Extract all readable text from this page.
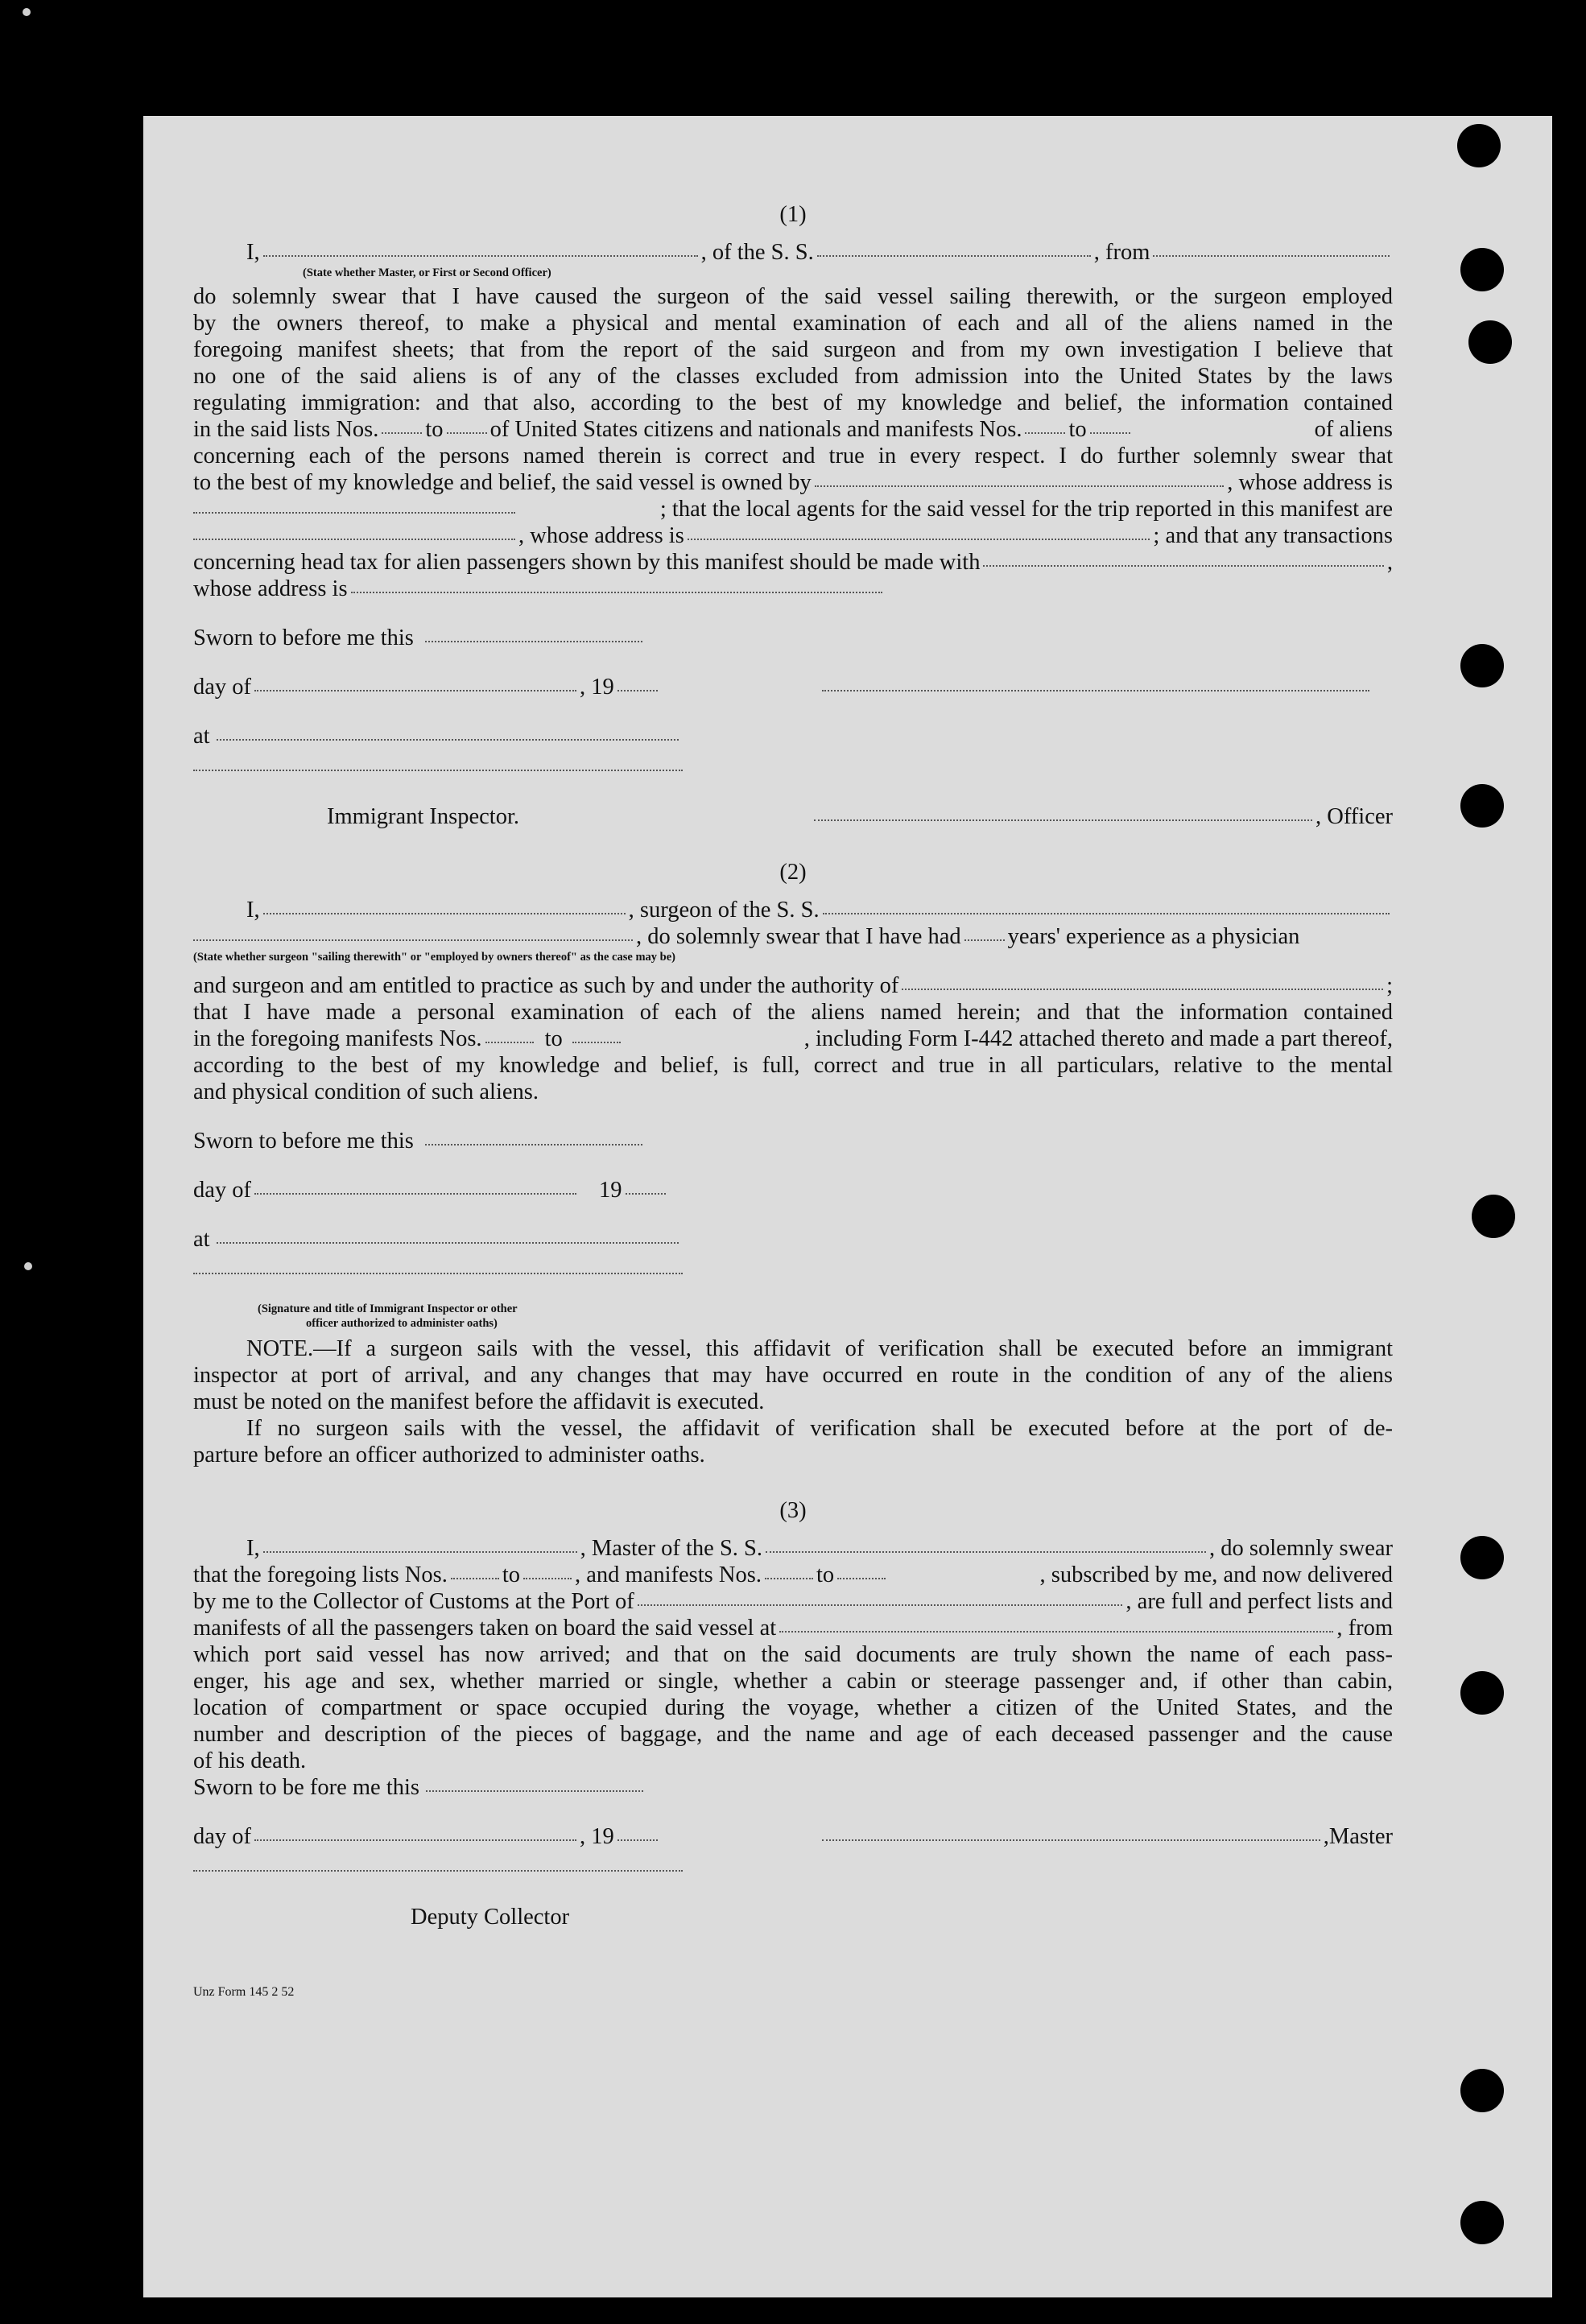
(1)
I,	, of the S. S.	, from
(State whether Master, or First or Second Officer)

do solemnly swear that I have caused the surgeon of the said vessel sailing therewith, or the surgeon employed

by the owners thereof, to make a physical and mental examination of each and all of the aliens named in the

foregoing manifest sheets; that from the report of the said surgeon and from my own investigation I believe that

no one of the said aliens is of any of the classes excluded from admission into the United States by the laws

regulating immigration: and that also, according to the best of my knowledge and belief, the information contained

in the said lists Nos. to of United States citizens and nationals and manifests Nos. to	of aliens

concerning each of the persons named therein is correct and true in every respect. I do further solemnly swear that

to the best of my knowledge and belief, the said vessel is owned by	, whose address is
; that the local agents for the said vessel for the trip reported in this manifest are
, whose address is	; and that any transactions
concerning head tax for alien passengers shown by this manifest should be made with	,
whose address is
Sworn to before me this
day of	, 19
at
Immigrant Inspector.	, Officer
(2)
I,	, surgeon of the S. S.
, do solemnly swear that I have had years' experience as a physician
(State whether surgeon "sailing therewith" or "employed by owners thereof" as the case may be)
and surgeon and am entitled to practice as such by and under the authority of	;

that I have made a personal examination of each of the aliens named herein; and that the information contained

in the foregoing manifests Nos.	to	, including Form I-442 attached thereto and made a part thereof,

according to the best of my knowledge and belief, is full, correct and true in all particulars, relative to the mental

and physical condition of such aliens.

Sworn to before me this
day of	19
at
(Signature and title of Immigrant Inspector or other
officer authorized to administer oaths)

NOTE.—If a surgeon sails with the vessel, this affidavit of verification shall be executed before an immigrant

inspector at port of arrival, and any changes that may have occurred en route in the condition of any of the aliens

must be noted on the manifest before the affidavit is executed.

If no surgeon sails with the vessel, the affidavit of verification shall be executed before at the port of de-

parture before an officer authorized to administer oaths.

(3)
I,	, Master of the S. S.	, do solemnly swear
that the foregoing lists Nos. to , and manifests Nos. to	, subscribed by me, and now delivered
by me to the Collector of Customs at the Port of	, are full and perfect lists and
manifests of all the passengers taken on board the said vessel at	, from

which port said vessel has now arrived; and that on the said documents are truly shown the name of each pass-

enger, his age and sex, whether married or single, whether a cabin or steerage passenger and, if other than cabin,

location of compartment or space occupied during the voyage, whether a citizen of the United States, and the

number and description of the pieces of baggage, and the name and age of each deceased passenger and the cause

of his death.

Sworn to be fore me this
day of	, 19	,Master
Deputy Collector
Unz Form 145 2 52
